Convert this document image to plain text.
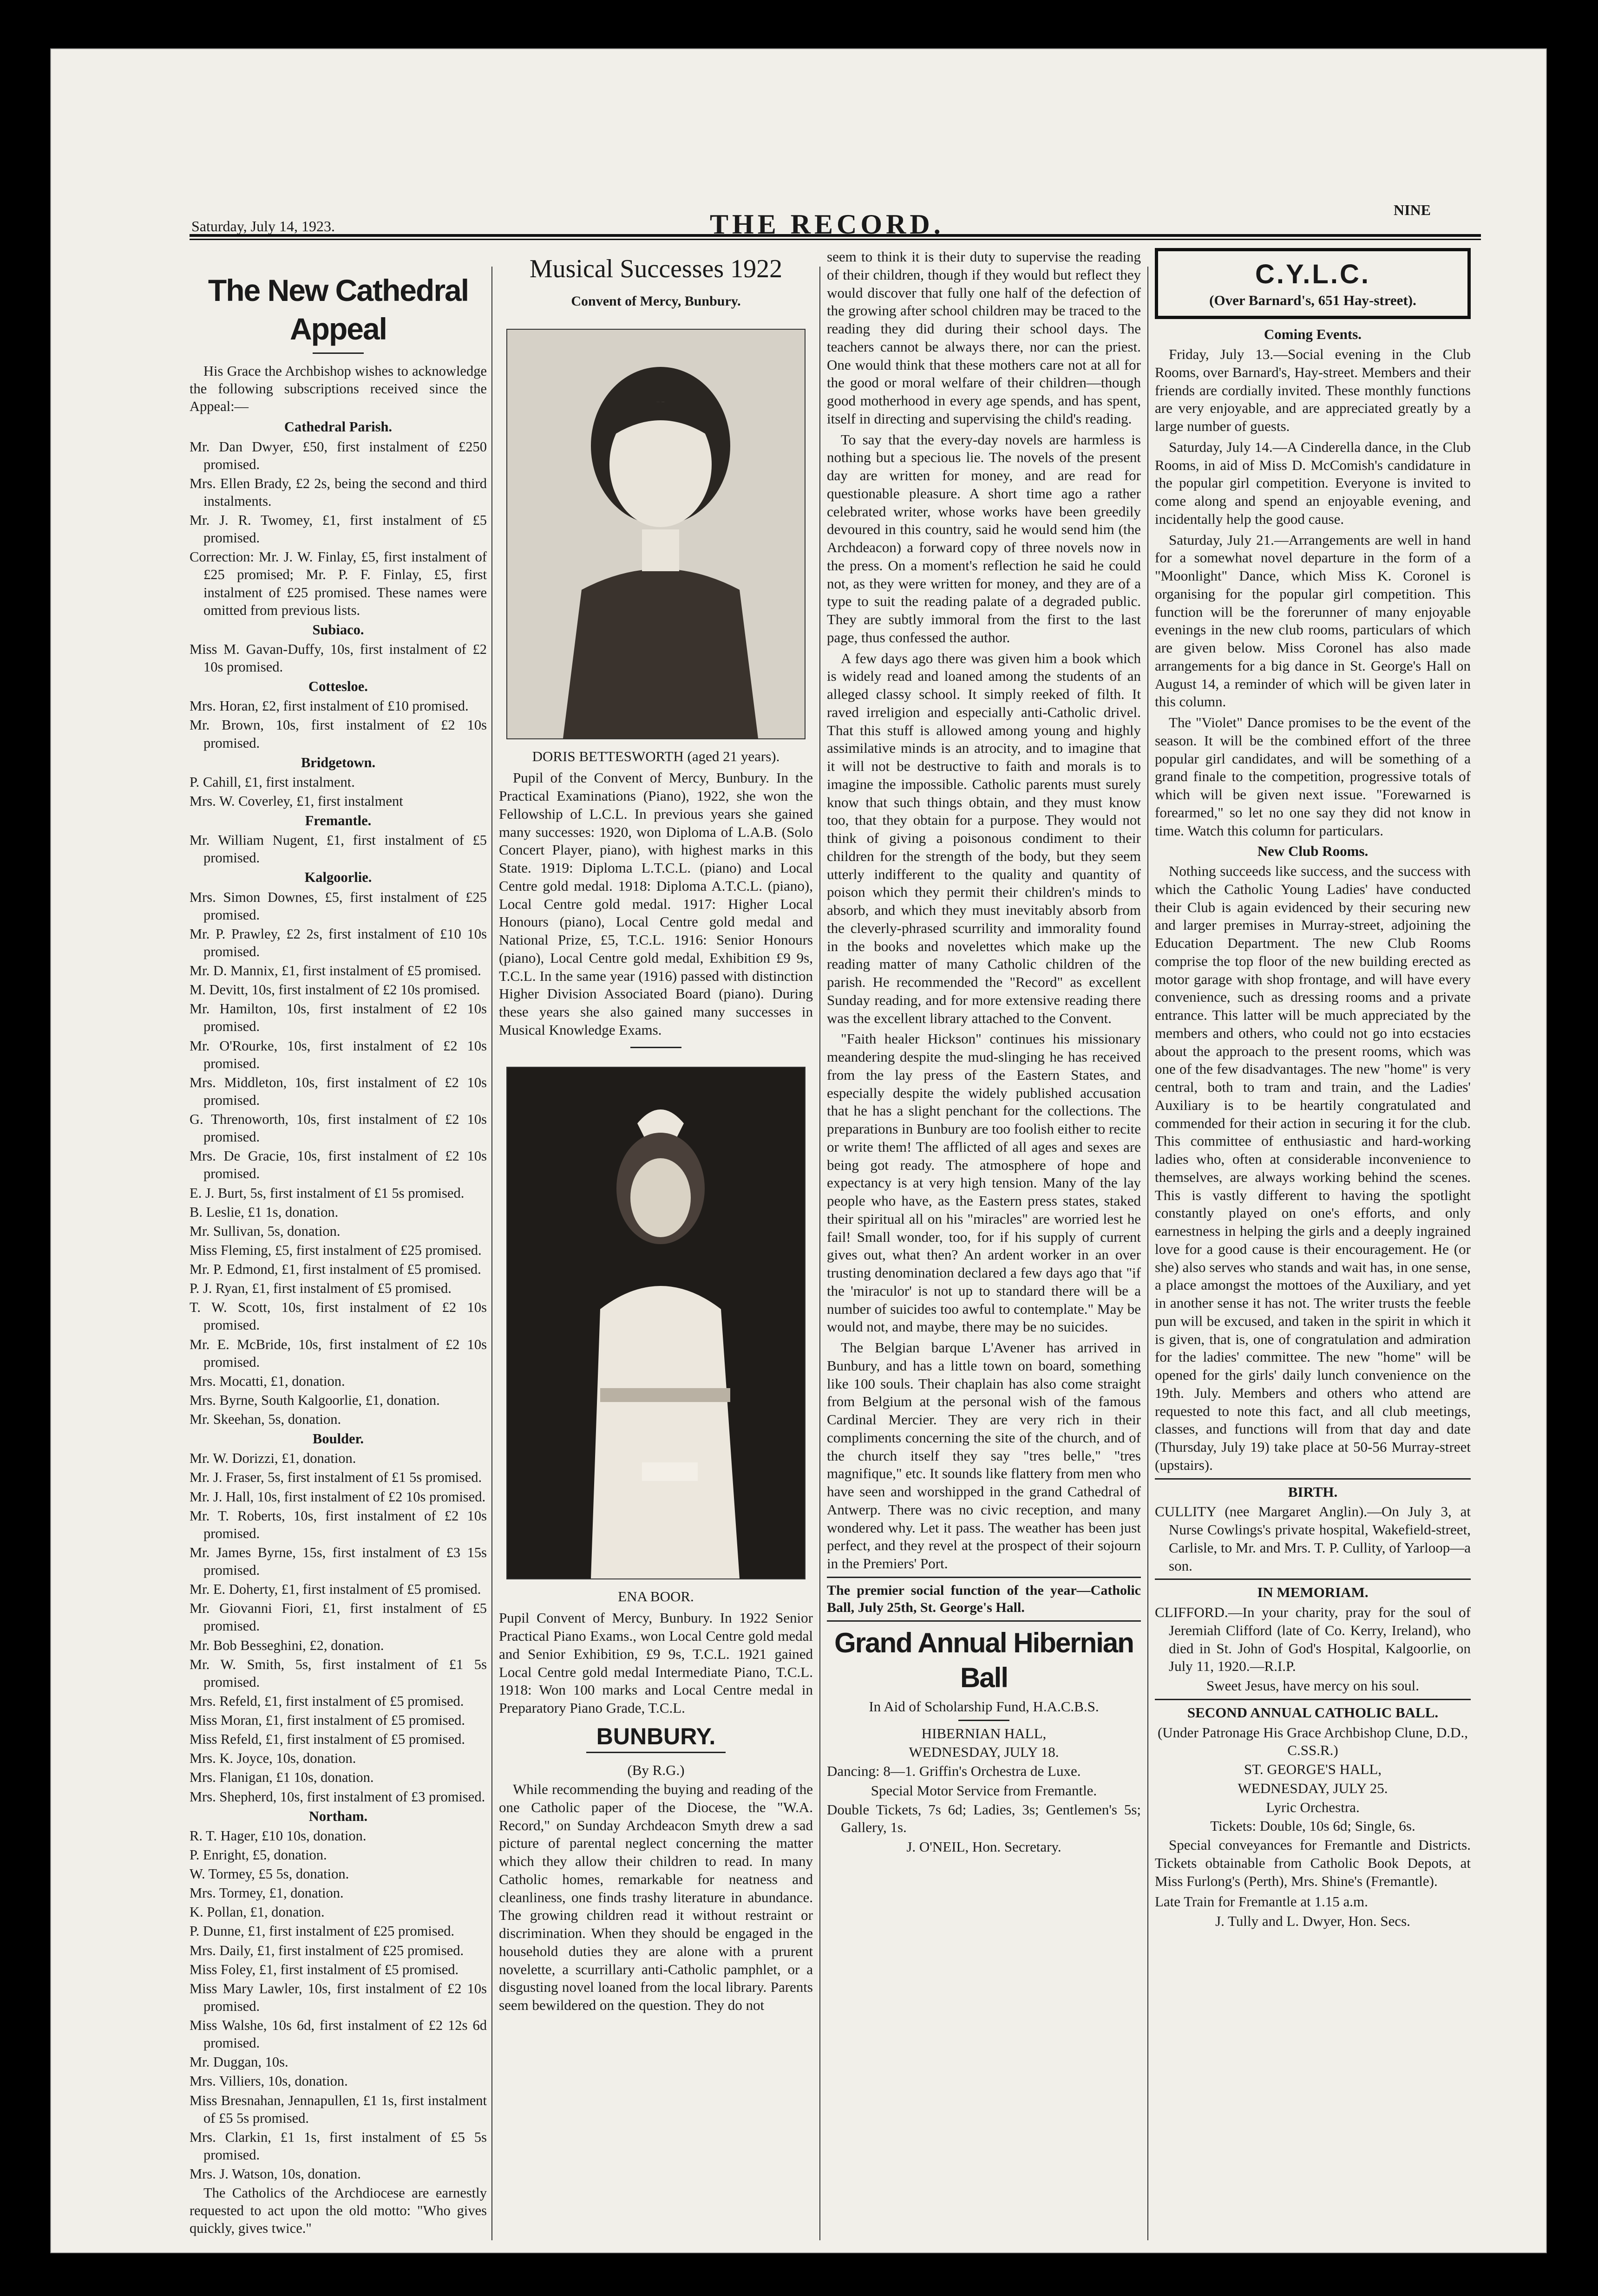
Saturday, July 14, 1923.	THE RECORD.	NINE
The New Cathedral Appeal

His Grace the Archbishop wishes to acknowledge the following subscriptions received since the Appeal:—

Cathedral Parish.

Mr. Dan Dwyer, £50, first instalment of £250 promised.

Mrs. Ellen Brady, £2 2s, being the second and third instalments.

Mr. J. R. Twomey, £1, first instalment of £5 promised.

Correction: Mr. J. W. Finlay, £5, first instalment of £25 promised; Mr. P. F. Finlay, £5, first instalment of £25 promised. These names were omitted from previous lists.

Subiaco.

Miss M. Gavan-Duffy, 10s, first instalment of £2 10s promised.

Cottesloe.

Mrs. Horan, £2, first instalment of £10 promised.

Mr. Brown, 10s, first instalment of £2 10s promised.

Bridgetown.

P. Cahill, £1, first instalment.

Mrs. W. Coverley, £1, first instalment

Fremantle.

Mr. William Nugent, £1, first instalment of £5 promised.

Kalgoorlie.

Mrs. Simon Downes, £5, first instalment of £25 promised.

Mr. P. Prawley, £2 2s, first instalment of £10 10s promised.

Mr. D. Mannix, £1, first instalment of £5 promised.

M. Devitt, 10s, first instalment of £2 10s promised.

Mr. Hamilton, 10s, first instalment of £2 10s promised.

Mr. O'Rourke, 10s, first instalment of £2 10s promised.

Mrs. Middleton, 10s, first instalment of £2 10s promised.

G. Threnoworth, 10s, first instalment of £2 10s promised.

Mrs. De Gracie, 10s, first instalment of £2 10s promised.

E. J. Burt, 5s, first instalment of £1 5s promised.

B. Leslie, £1 1s, donation.

Mr. Sullivan, 5s, donation.

Miss Fleming, £5, first instalment of £25 promised.

Mr. P. Edmond, £1, first instalment of £5 promised.

P. J. Ryan, £1, first instalment of £5 promised.

T. W. Scott, 10s, first instalment of £2 10s promised.

Mr. E. McBride, 10s, first instalment of £2 10s promised.

Mrs. Mocatti, £1, donation.

Mrs. Byrne, South Kalgoorlie, £1, donation.

Mr. Skeehan, 5s, donation.

Boulder.

Mr. W. Dorizzi, £1, donation.

Mr. J. Fraser, 5s, first instalment of £1 5s promised.

Mr. J. Hall, 10s, first instalment of £2 10s promised.

Mr. T. Roberts, 10s, first instalment of £2 10s promised.

Mr. James Byrne, 15s, first instalment of £3 15s promised.

Mr. E. Doherty, £1, first instalment of £5 promised.

Mr. Giovanni Fiori, £1, first instalment of £5 promised.

Mr. Bob Besseghini, £2, donation.

Mr. W. Smith, 5s, first instalment of £1 5s promised.

Mrs. Refeld, £1, first instalment of £5 promised.

Miss Moran, £1, first instalment of £5 promised.

Miss Refeld, £1, first instalment of £5 promised.

Mrs. K. Joyce, 10s, donation.

Mrs. Flanigan, £1 10s, donation.

Mrs. Shepherd, 10s, first instalment of £3 promised.

Northam.

R. T. Hager, £10 10s, donation.

P. Enright, £5, donation.

W. Tormey, £5 5s, donation.

Mrs. Tormey, £1, donation.

K. Pollan, £1, donation.

P. Dunne, £1, first instalment of £25 promised.

Mrs. Daily, £1, first instalment of £25 promised.

Miss Foley, £1, first instalment of £5 promised.

Miss Mary Lawler, 10s, first instalment of £2 10s promised.

Miss Walshe, 10s 6d, first instalment of £2 12s 6d promised.

Mr. Duggan, 10s.

Mrs. Villiers, 10s, donation.

Miss Bresnahan, Jennapullen, £1 1s, first instalment of £5 5s promised.

Mrs. Clarkin, £1 1s, first instalment of £5 5s promised.

Mrs. J. Watson, 10s, donation.

The Catholics of the Archdiocese are earnestly requested to act upon the old motto: "Who gives quickly, gives twice."

Musical Successes 1922
Convent of Mercy, Bunbury.
DORIS BETTESWORTH (aged 21 years).

Pupil of the Convent of Mercy, Bunbury. In the Practical Examinations (Piano), 1922, she won the Fellowship of L.C.L. In previous years she gained many successes: 1920, won Diploma of L.A.B. (Solo Concert Player, piano), with highest marks in this State. 1919: Diploma L.T.C.L. (piano) and Local Centre gold medal. 1918: Diploma A.T.C.L. (piano), Local Centre gold medal. 1917: Higher Local Honours (piano), Local Centre gold medal and National Prize, £5, T.C.L. 1916: Senior Honours (piano), Local Centre gold medal, Exhibition £9 9s, T.C.L. In the same year (1916) passed with distinction Higher Division Associated Board (piano). During these years she also gained many successes in Musical Knowledge Exams.

ENA BOOR.

Pupil Convent of Mercy, Bunbury. In 1922 Senior Practical Piano Exams., won Local Centre gold medal and Senior Exhibition, £9 9s, T.C.L. 1921 gained Local Centre gold medal Intermediate Piano, T.C.L. 1918: Won 100 marks and Local Centre medal in Preparatory Piano Grade, T.C.L.

BUNBURY.
(By R.G.)

While recommending the buying and reading of the one Catholic paper of the Diocese, the "W.A. Record," on Sunday Archdeacon Smyth drew a sad picture of parental neglect concerning the matter which they allow their children to read. In many Catholic homes, remarkable for neatness and cleanliness, one finds trashy literature in abundance. The growing children read it without restraint or discrimination. When they should be engaged in the household duties they are alone with a prurent novelette, a scurrillary anti-Catholic pamphlet, or a disgusting novel loaned from the local library. Parents seem bewildered on the question. They do not

seem to think it is their duty to supervise the reading of their children, though if they would but reflect they would discover that fully one half of the defection of the growing after school children may be traced to the reading they did during their school days. The teachers cannot be always there, nor can the priest. One would think that these mothers care not at all for the good or moral welfare of their children—though good motherhood in every age spends, and has spent, itself in directing and supervising the child's reading.

To say that the every-day novels are harmless is nothing but a specious lie. The novels of the present day are written for money, and are read for questionable pleasure. A short time ago a rather celebrated writer, whose works have been greedily devoured in this country, said he would send him (the Archdeacon) a forward copy of three novels now in the press. On a moment's reflection he said he could not, as they were written for money, and they are of a type to suit the reading palate of a degraded public. They are subtly immoral from the first to the last page, thus confessed the author.

A few days ago there was given him a book which is widely read and loaned among the students of an alleged classy school. It simply reeked of filth. It raved irreligion and especially anti-Catholic drivel. That this stuff is allowed among young and highly assimilative minds is an atrocity, and to imagine that it will not be destructive to faith and morals is to imagine the impossible. Catholic parents must surely know that such things obtain, and they must know too, that they obtain for a purpose. They would not think of giving a poisonous condiment to their children for the strength of the body, but they seem utterly indifferent to the quality and quantity of poison which they permit their children's minds to absorb, and which they must inevitably absorb from the cleverly-phrased scurrility and immorality found in the books and novelettes which make up the reading matter of many Catholic children of the parish. He recommended the "Record" as excellent Sunday reading, and for more extensive reading there was the excellent library attached to the Convent.

"Faith healer Hickson" continues his missionary meandering despite the mud-slinging he has received from the lay press of the Eastern States, and especially despite the widely published accusation that he has a slight penchant for the collections. The preparations in Bunbury are too foolish either to recite or write them! The afflicted of all ages and sexes are being got ready. The atmosphere of hope and expectancy is at very high tension. Many of the lay people who have, as the Eastern press states, staked their spiritual all on his "miracles" are worried lest he fail! Small wonder, too, for if his supply of current gives out, what then? An ardent worker in an over trusting denomination declared a few days ago that "if the 'miraculor' is not up to standard there will be a number of suicides too awful to contemplate." May be would not, and maybe, there may be no suicides.

The Belgian barque L'Avener has arrived in Bunbury, and has a little town on board, something like 100 souls. Their chaplain has also come straight from Belgium at the personal wish of the famous Cardinal Mercier. They are very rich in their compliments concerning the site of the church, and of the church itself they say "tres belle," "tres magnifique," etc. It sounds like flattery from men who have seen and worshipped in the grand Cathedral of Antwerp. There was no civic reception, and many wondered why. Let it pass. The weather has been just perfect, and they revel at the prospect of their sojourn in the Premiers' Port.

The premier social function of the year—Catholic Ball, July 25th, St. George's Hall.
Grand Annual Hibernian Ball
In Aid of Scholarship Fund, H.A.C.B.S.
HIBERNIAN HALL,
WEDNESDAY, JULY 18.

Dancing: 8—1. Griffin's Orchestra de Luxe.

Special Motor Service from Fremantle.

Double Tickets, 7s 6d; Ladies, 3s; Gentlemen's 5s; Gallery, 1s.

J. O'NEIL, Hon. Secretary.

C.Y.L.C.
(Over Barnard's, 651 Hay-street).
Coming Events.

Friday, July 13.—Social evening in the Club Rooms, over Barnard's, Hay-street. Members and their friends are cordially invited. These monthly functions are very enjoyable, and are appreciated greatly by a large number of guests.

Saturday, July 14.—A Cinderella dance, in the Club Rooms, in aid of Miss D. McComish's candidature in the popular girl competition. Everyone is invited to come along and spend an enjoyable evening, and incidentally help the good cause.

Saturday, July 21.—Arrangements are well in hand for a somewhat novel departure in the form of a "Moonlight" Dance, which Miss K. Coronel is organising for the popular girl competition. This function will be the forerunner of many enjoyable evenings in the new club rooms, particulars of which are given below. Miss Coronel has also made arrangements for a big dance in St. George's Hall on August 14, a reminder of which will be given later in this column.

The "Violet" Dance promises to be the event of the season. It will be the combined effort of the three popular girl candidates, and will be something of a grand finale to the competition, progressive totals of which will be given next issue. "Forewarned is forearmed," so let no one say they did not know in time. Watch this column for particulars.

New Club Rooms.

Nothing succeeds like success, and the success with which the Catholic Young Ladies' have conducted their Club is again evidenced by their securing new and larger premises in Murray-street, adjoining the Education Department. The new Club Rooms comprise the top floor of the new building erected as motor garage with shop frontage, and will have every convenience, such as dressing rooms and a private entrance. This latter will be much appreciated by the members and others, who could not go into ecstacies about the approach to the present rooms, which was one of the few disadvantages. The new "home" is very central, both to tram and train, and the Ladies' Auxiliary is to be heartily congratulated and commended for their action in securing it for the club. This committee of enthusiastic and hard-working ladies who, often at considerable inconvenience to themselves, are always working behind the scenes. This is vastly different to having the spotlight constantly played on one's efforts, and only earnestness in helping the girls and a deeply ingrained love for a good cause is their encouragement. He (or she) also serves who stands and wait has, in one sense, a place amongst the mottoes of the Auxiliary, and yet in another sense it has not. The writer trusts the feeble pun will be excused, and taken in the spirit in which it is given, that is, one of congratulation and admiration for the ladies' committee. The new "home" will be opened for the girls' daily lunch convenience on the 19th. July. Members and others who attend are requested to note this fact, and all club meetings, classes, and functions will from that day and date (Thursday, July 19) take place at 50-56 Murray-street (upstairs).

BIRTH.

CULLITY (nee Margaret Anglin).—On July 3, at Nurse Cowlings's private hospital, Wakefield-street, Carlisle, to Mr. and Mrs. T. P. Cullity, of Yarloop—a son.

IN MEMORIAM.

CLIFFORD.—In your charity, pray for the soul of Jeremiah Clifford (late of Co. Kerry, Ireland), who died in St. John of God's Hospital, Kalgoorlie, on July 11, 1920.—R.I.P.

Sweet Jesus, have mercy on his soul.

SECOND ANNUAL CATHOLIC BALL.

(Under Patronage His Grace Archbishop Clune, D.D., C.SS.R.)

ST. GEORGE'S HALL,

WEDNESDAY, JULY 25.

Lyric Orchestra.

Tickets: Double, 10s 6d; Single, 6s.

Special conveyances for Fremantle and Districts. Tickets obtainable from Catholic Book Depots, at Miss Furlong's (Perth), Mrs. Shine's (Fremantle).

Late Train for Fremantle at 1.15 a.m.

J. Tully and L. Dwyer, Hon. Secs.
